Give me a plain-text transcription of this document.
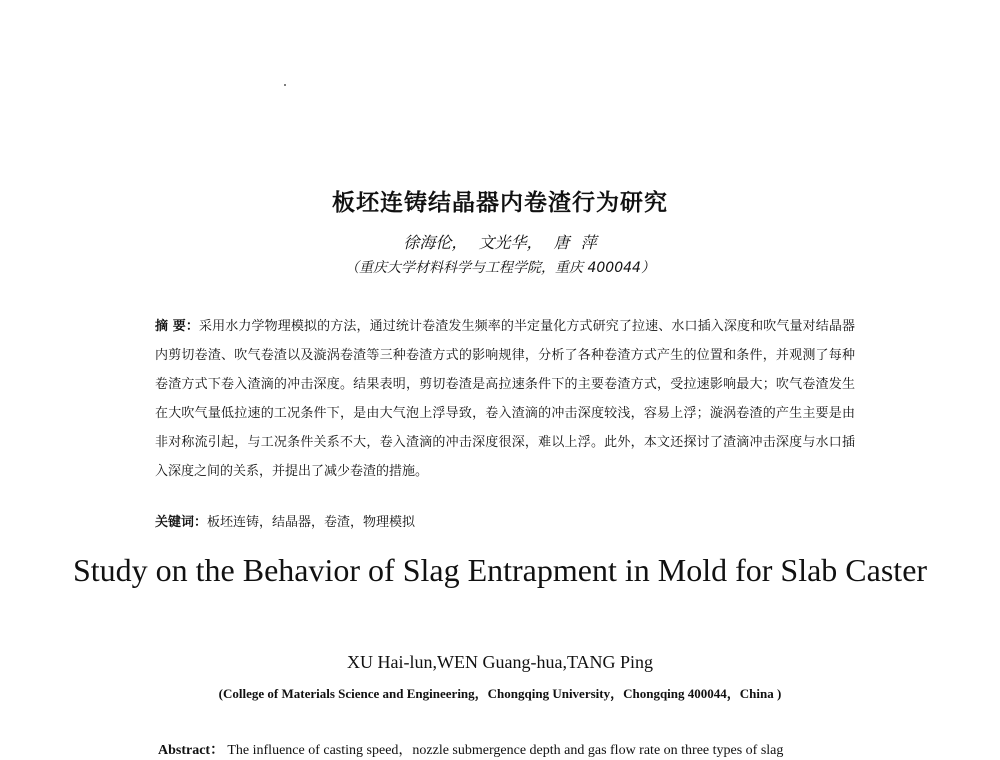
板坯连铸结晶器内卷渣行为研究
徐海伦， 文光华， 唐 萍
（重庆大学材料科学与工程学院，重庆 400044）
摘 要：采用水力学物理模拟的方法，通过统计卷渣发生频率的半定量化方式研究了拉速、水口插入深度和吹气量对结晶器内剪切卷渣、吹气卷渣以及漩涡卷渣等三种卷渣方式的影响规律，分析了各种卷渣方式产生的位置和条件，并观测了每种卷渣方式下卷入渣滴的冲击深度。结果表明，剪切卷渣是高拉速条件下的主要卷渣方式，受拉速影响最大；吹气卷渣发生在大吹气量低拉速的工况条件下，是由大气泡上浮导致，卷入渣滴的冲击深度较浅，容易上浮；漩涡卷渣的产生主要是由非对称流引起，与工况条件关系不大，卷入渣滴的冲击深度很深，难以上浮。此外，本文还探讨了渣滴冲击深度与水口插入深度之间的关系，并提出了减少卷渣的措施。
关键词：板坯连铸，结晶器，卷渣，物理模拟
Study on the Behavior of Slag Entrapment in Mold for Slab Caster
XU Hai-lun,WEN Guang-hua,TANG Ping
(College of Materials Science and Engineering，Chongqing University，Chongqing 400044，China )
Abstract： The influence of casting speed，nozzle submergence depth and gas flow rate on three types of slag
